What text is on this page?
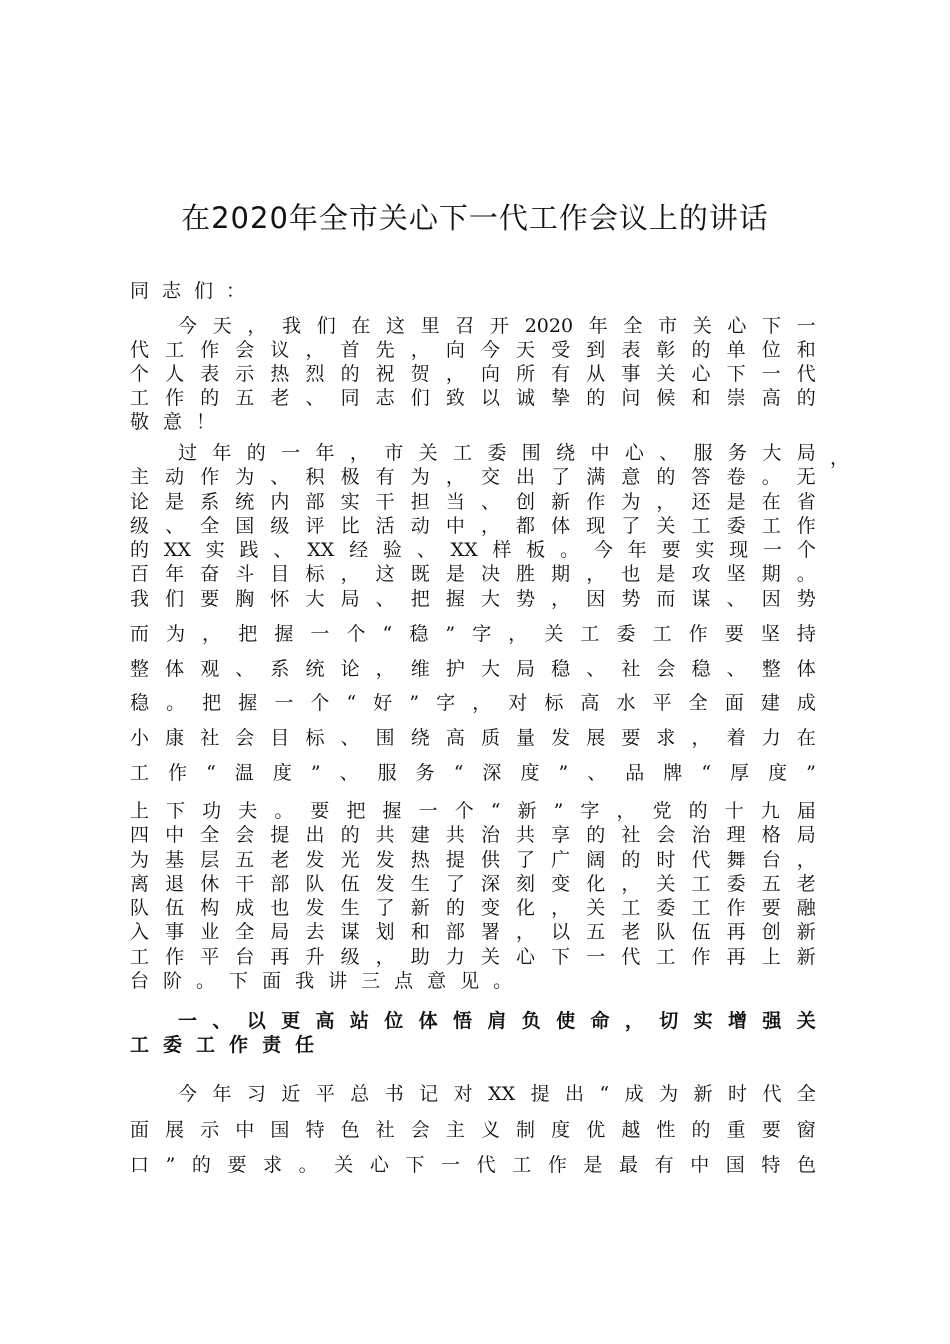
在2020年全市关心下一代工作会议上的讲话
同志们：
今 天 ， 我 们 在 这 里 召 开 2020 年 全 市 关 心 下 一
代 工 作 会 议 ， 首 先 ， 向 今 天 受 到 表 彰 的 单 位 和
个 人 表 示 热 烈 的 祝 贺 ， 向 所 有 从 事 关 心 下 一 代
工 作 的 五 老 、 同 志 们 致 以 诚 挚 的 问 候 和 崇 高 的
敬 意 ！
过 年 的 一 年 ， 市 关 工 委 围 绕 中 心 、 服 务 大 局
主 动 作 为 、 积 极 有 为 ， 交 出 了 满 意 的 答 卷 。 无
论 是 系 统 内 部 实 干 担 当 、 创 新 作 为 ， 还 是 在 省
级 、 全 国 级 评 比 活 动 中 ， 都 体 现 了 关 工 委 工 作
的 XX 实 践 、 XX 经 验 、 XX 样 板 。 今 年 要 实 现 一 个
百 年 奋 斗 目 标 ， 这 既 是 决 胜 期 ， 也 是 攻 坚 期 。
我 们 要 胸 怀 大 局 、 把 握 大 势 ， 因 势 而 谋 、 因 势
而 为 ， 把 握 一 个 “ 稳 ” 字 ， 关 工 委 工 作 要 坚 持
整 体 观 、 系 统 论 ， 维 护 大 局 稳 、 社 会 稳 、 整 体
稳 。 把 握 一 个 “ 好 ” 字 ， 对 标 高 水 平 全 面 建 成
小 康 社 会 目 标 、 围 绕 高 质 量 发 展 要 求 ， 着 力 在
工 作 “ 温 度 ” 、 服 务 “ 深 度 ” 、 品 牌 “ 厚 度 ”
上 下 功 夫 。 要 把 握 一 个 “ 新 ” 字 ， 党 的 十 九 届
四 中 全 会 提 出 的 共 建 共 治 共 享 的 社 会 治 理 格 局
为 基 层 五 老 发 光 发 热 提 供 了 广 阔 的 时 代 舞 台 ，
离 退 休 干 部 队 伍 发 生 了 深 刻 变 化 ， 关 工 委 五 老
队 伍 构 成 也 发 生 了 新 的 变 化 ， 关 工 委 工 作 要 融
入 事 业 全 局 去 谋 划 和 部 署 ， 以 五 老 队 伍 再 创 新
工 作 平 台 再 升 级 ， 助 力 关 心 下 一 代 工 作 再 上 新
台 阶 。 下 面 我 讲 三 点 意 见 。
一 、 以 更 高 站 位 体 悟 肩 负 使 命 ， 切 实 增 强 关
工 委 工 作 责 任
今 年 习 近 平 总 书 记 对 XX 提 出 “ 成 为 新 时 代 全
面 展 示 中 国 特 色 社 会 主 义 制 度 优 越 性 的 重 要 窗
口 ” 的 要 求 。 关 心 下 一 代 工 作 是 最 有 中 国 特 色
，
